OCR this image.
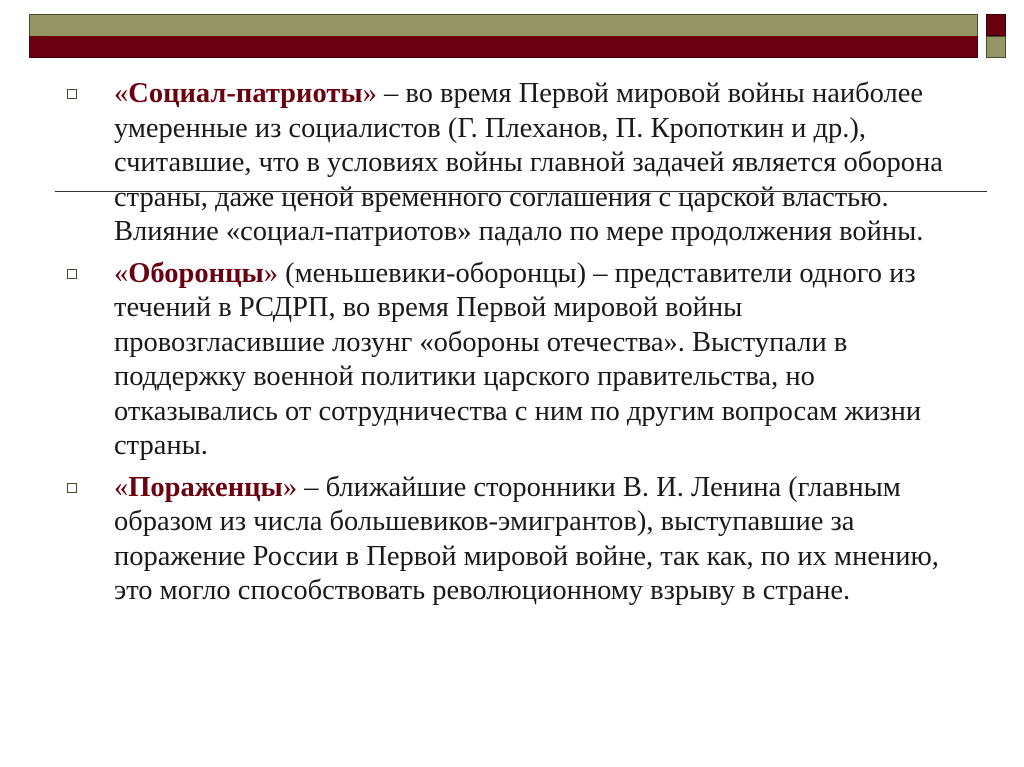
«Социал-патриоты» – во время Первой мировой войны наиболее умеренные из социалистов (Г. Плеханов, П. Кропоткин и др.), считавшие, что в условиях войны главной задачей является оборона страны, даже ценой временного соглашения с царской властью. Влияние «социал-патриотов» падало по мере продолжения войны.
«Оборонцы» (меньшевики-оборонцы) – представители одного из течений в РСДРП, во время Первой мировой войны провозгласившие лозунг «обороны отечества». Выступали в поддержку военной политики царского правительства, но отказывались от сотрудничества с ним по другим вопросам жизни страны.
«Пораженцы» – ближайшие сторонники В. И. Ленина (главным образом из числа большевиков-эмигрантов), выступавшие за поражение России в Первой мировой войне, так как, по их мнению, это могло способствовать революционному взрыву в стране.
